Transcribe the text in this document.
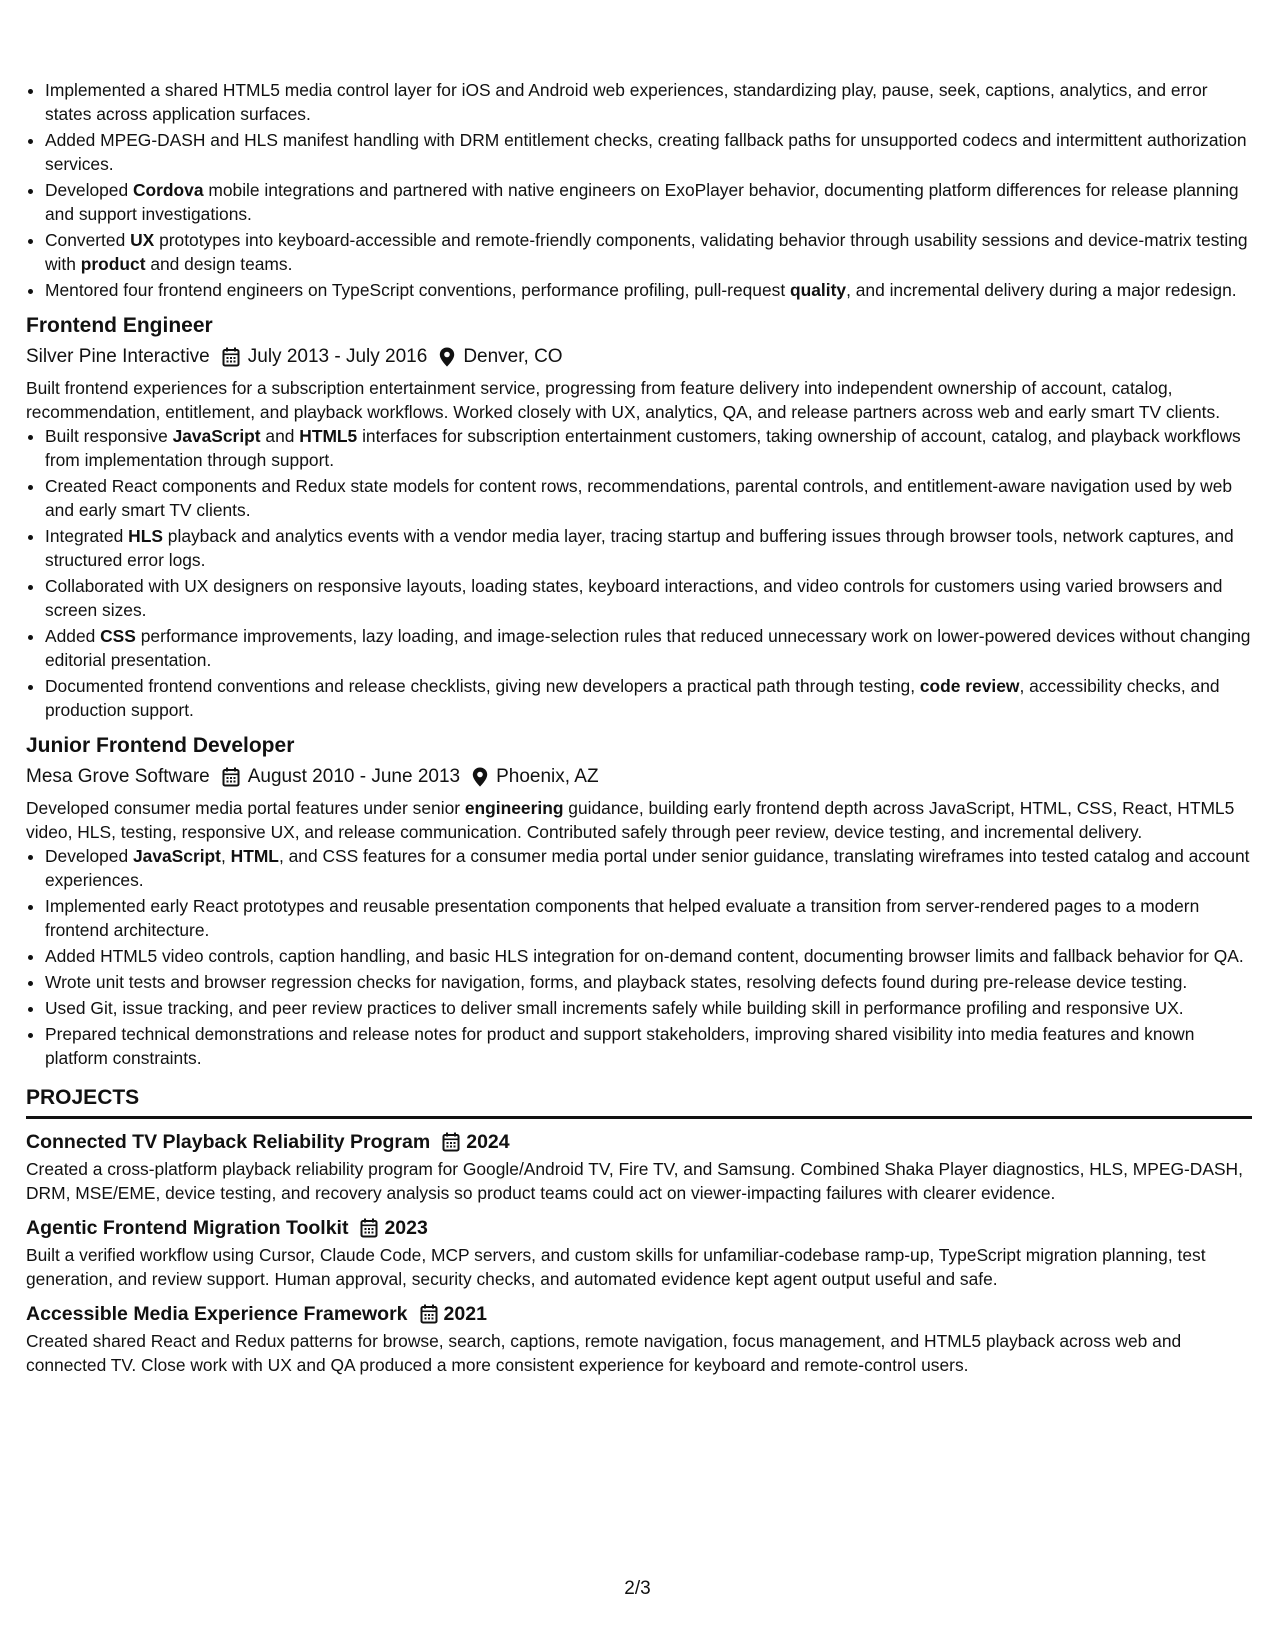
• Implemented a shared HTML5 media control layer for iOS and Android web experiences, standardizing play, pause, seek, captions, analytics, and error states across application surfaces.
• Added MPEG-DASH and HLS manifest handling with DRM entitlement checks, creating fallback paths for unsupported codecs and intermittent authorization services.
• Developed Cordova mobile integrations and partnered with native engineers on ExoPlayer behavior, documenting platform differences for release planning and support investigations.
• Converted UX prototypes into keyboard-accessible and remote-friendly components, validating behavior through usability sessions and device-matrix testing with product and design teams.
• Mentored four frontend engineers on TypeScript conventions, performance profiling, pull-request quality, and incremental delivery during a major redesign.
Frontend Engineer
Silver Pine Interactive July 2013 - July 2016 Denver, CO

Built frontend experiences for a subscription entertainment service, progressing from feature delivery into independent ownership of account, catalog, recommendation, entitlement, and playback workflows. Worked closely with UX, analytics, QA, and release partners across web and early smart TV clients.

• Built responsive JavaScript and HTML5 interfaces for subscription entertainment customers, taking ownership of account, catalog, and playback workflows from implementation through support.
• Created React components and Redux state models for content rows, recommendations, parental controls, and entitlement-aware navigation used by web and early smart TV clients.
• Integrated HLS playback and analytics events with a vendor media layer, tracing startup and buffering issues through browser tools, network captures, and structured error logs.
• Collaborated with UX designers on responsive layouts, loading states, keyboard interactions, and video controls for customers using varied browsers and screen sizes.
• Added CSS performance improvements, lazy loading, and image-selection rules that reduced unnecessary work on lower-powered devices without changing editorial presentation.
• Documented frontend conventions and release checklists, giving new developers a practical path through testing, code review, accessibility checks, and production support.
Junior Frontend Developer
Mesa Grove Software August 2010 - June 2013 Phoenix, AZ

Developed consumer media portal features under senior engineering guidance, building early frontend depth across JavaScript, HTML, CSS, React, HTML5 video, HLS, testing, responsive UX, and release communication. Contributed safely through peer review, device testing, and incremental delivery.

• Developed JavaScript, HTML, and CSS features for a consumer media portal under senior guidance, translating wireframes into tested catalog and account experiences.
• Implemented early React prototypes and reusable presentation components that helped evaluate a transition from server-rendered pages to a modern frontend architecture.
• Added HTML5 video controls, caption handling, and basic HLS integration for on-demand content, documenting browser limits and fallback behavior for QA.
• Wrote unit tests and browser regression checks for navigation, forms, and playback states, resolving defects found during pre-release device testing.
• Used Git, issue tracking, and peer review practices to deliver small increments safely while building skill in performance profiling and responsive UX.
• Prepared technical demonstrations and release notes for product and support stakeholders, improving shared visibility into media features and known platform constraints.
PROJECTS
Connected TV Playback Reliability Program 2024

Created a cross-platform playback reliability program for Google/Android TV, Fire TV, and Samsung. Combined Shaka Player diagnostics, HLS, MPEG-DASH, DRM, MSE/EME, device testing, and recovery analysis so product teams could act on viewer-impacting failures with clearer evidence.

Agentic Frontend Migration Toolkit 2023

Built a verified workflow using Cursor, Claude Code, MCP servers, and custom skills for unfamiliar-codebase ramp-up, TypeScript migration planning, test generation, and review support. Human approval, security checks, and automated evidence kept agent output useful and safe.

Accessible Media Experience Framework 2021

Created shared React and Redux patterns for browse, search, captions, remote navigation, focus management, and HTML5 playback across web and connected TV. Close work with UX and QA produced a more consistent experience for keyboard and remote-control users.

2/3
